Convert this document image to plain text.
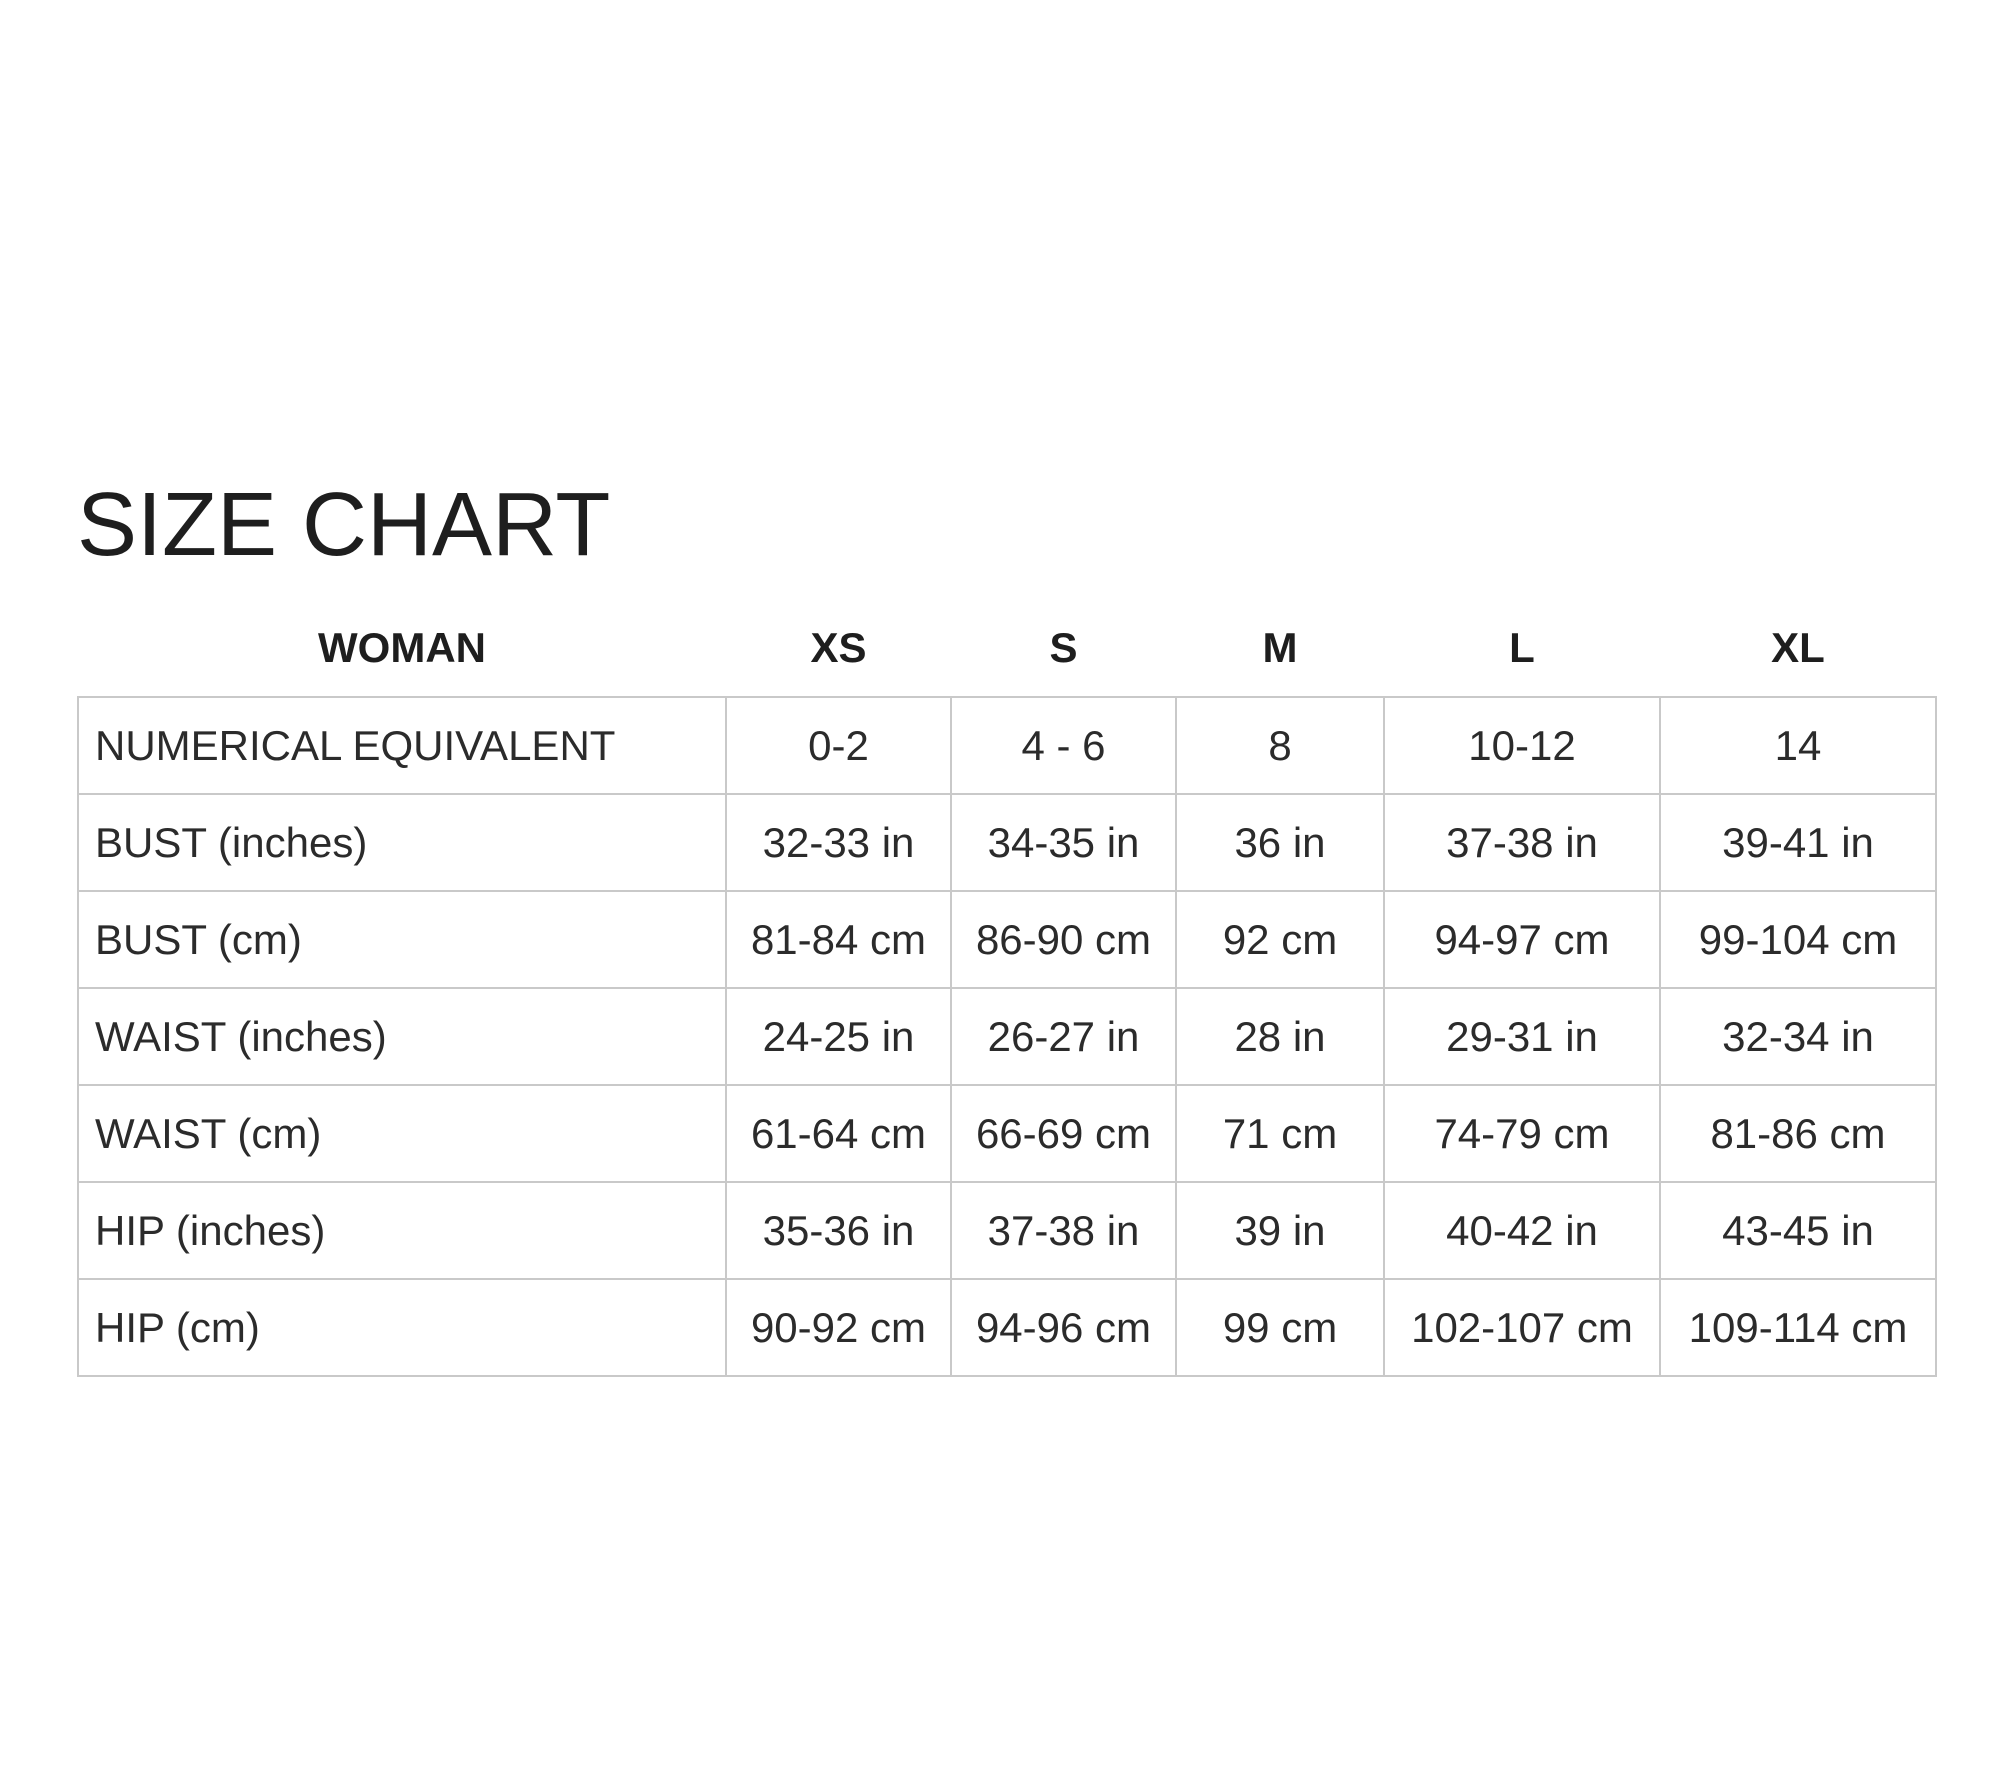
SIZE CHART
WOMAN	XS	S	M	L	XL
NUMERICAL EQUIVALENT	0-2	4 - 6	8	10-12	14
BUST (inches)	32-33 in	34-35 in	36 in	37-38 in	39-41 in
BUST (cm)	81-84 cm	86-90 cm	92 cm	94-97 cm	99-104 cm
WAIST (inches)	24-25 in	26-27 in	28 in	29-31 in	32-34 in
WAIST (cm)	61-64 cm	66-69 cm	71 cm	74-79 cm	81-86 cm
HIP (inches)	35-36 in	37-38 in	39 in	40-42 in	43-45 in
HIP (cm)	90-92 cm	94-96 cm	99 cm	102-107 cm	109-114 cm
